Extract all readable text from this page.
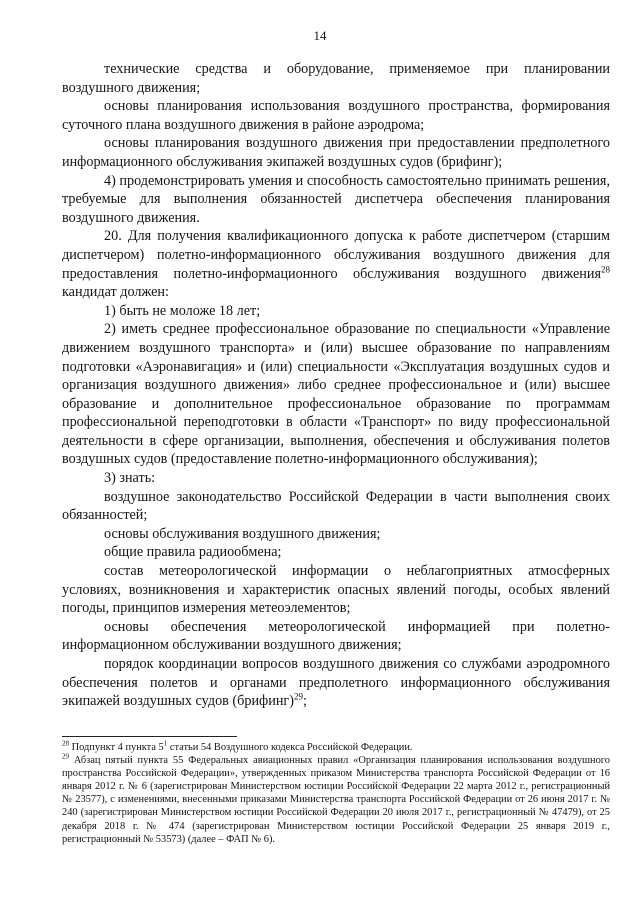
14

технические средства и оборудование, применяемое при планировании воздушного движения;

основы планирования использования воздушного пространства, формирования суточного плана воздушного движения в районе аэродрома;

основы планирования воздушного движения при предоставлении предполетного информационного обслуживания экипажей воздушных судов (брифинг);

4) продемонстрировать умения и способность самостоятельно принимать решения, требуемые для выполнения обязанностей диспетчера обеспечения планирования воздушного движения.

20. Для получения квалификационного допуска к работе диспетчером (старшим диспетчером) полетно-информационного обслуживания воздушного движения для предоставления полетно-информационного обслуживания воздушного движения$^{28}$ кандидат должен:

1) быть не моложе 18 лет;

2) иметь среднее профессиональное образование по специальности «Управление движением воздушного транспорта» и (или) высшее образование по направлениям подготовки «Аэронавигация» и (или) специальности «Эксплуатация воздушных судов и организация воздушного движения» либо среднее профессиональное и (или) высшее образование и дополнительное профессиональное образование по программам профессиональной переподготовки в области «Транспорт» по виду профессиональной деятельности в сфере организации, выполнения, обеспечения и обслуживания полетов воздушных судов (предоставление полетно-информационного обслуживания);

3) знать:

воздушное законодательство Российской Федерации в части выполнения своих обязанностей;

основы обслуживания воздушного движения;

общие правила радиообмена;

состав метеорологической информации о неблагоприятных атмосферных условиях, возникновения и характеристик опасных явлений погоды, особых явлений погоды, принципов измерения метеоэлементов;

основы обеспечения метеорологической информацией при полетно-информационном обслуживании воздушного движения;

порядок координации вопросов воздушного движения со службами аэродромного обеспечения полетов и органами предполетного информационного обслуживания экипажей воздушных судов (брифинг)$^{29}$;

$^{28}$ Подпункт 4 пункта $5^1$ статьи 54 Воздушного кодекса Российской Федерации.

$^{29}$ Абзац пятый пункта 55 Федеральных авиационных правил «Организация планирования использования воздушного пространства Российской Федерации», утвержденных приказом Министерства транспорта Российской Федерации от 16 января 2012 г. № 6 (зарегистрирован Министерством юстиции Российской Федерации 22 марта 2012 г., регистрационный № 23577), с изменениями, внесенными приказами Министерства транспорта Российской Федерации от 26 июня 2017 г. № 240 (зарегистрирован Министерством юстиции Российской Федерации 20 июля 2017 г., регистрационный № 47479), от 25 декабря 2018 г. № 474 (зарегистрирован Министерством юстиции Российской Федерации 25 января 2019 г., регистрационный № 53573) (далее – ФАП № 6).
